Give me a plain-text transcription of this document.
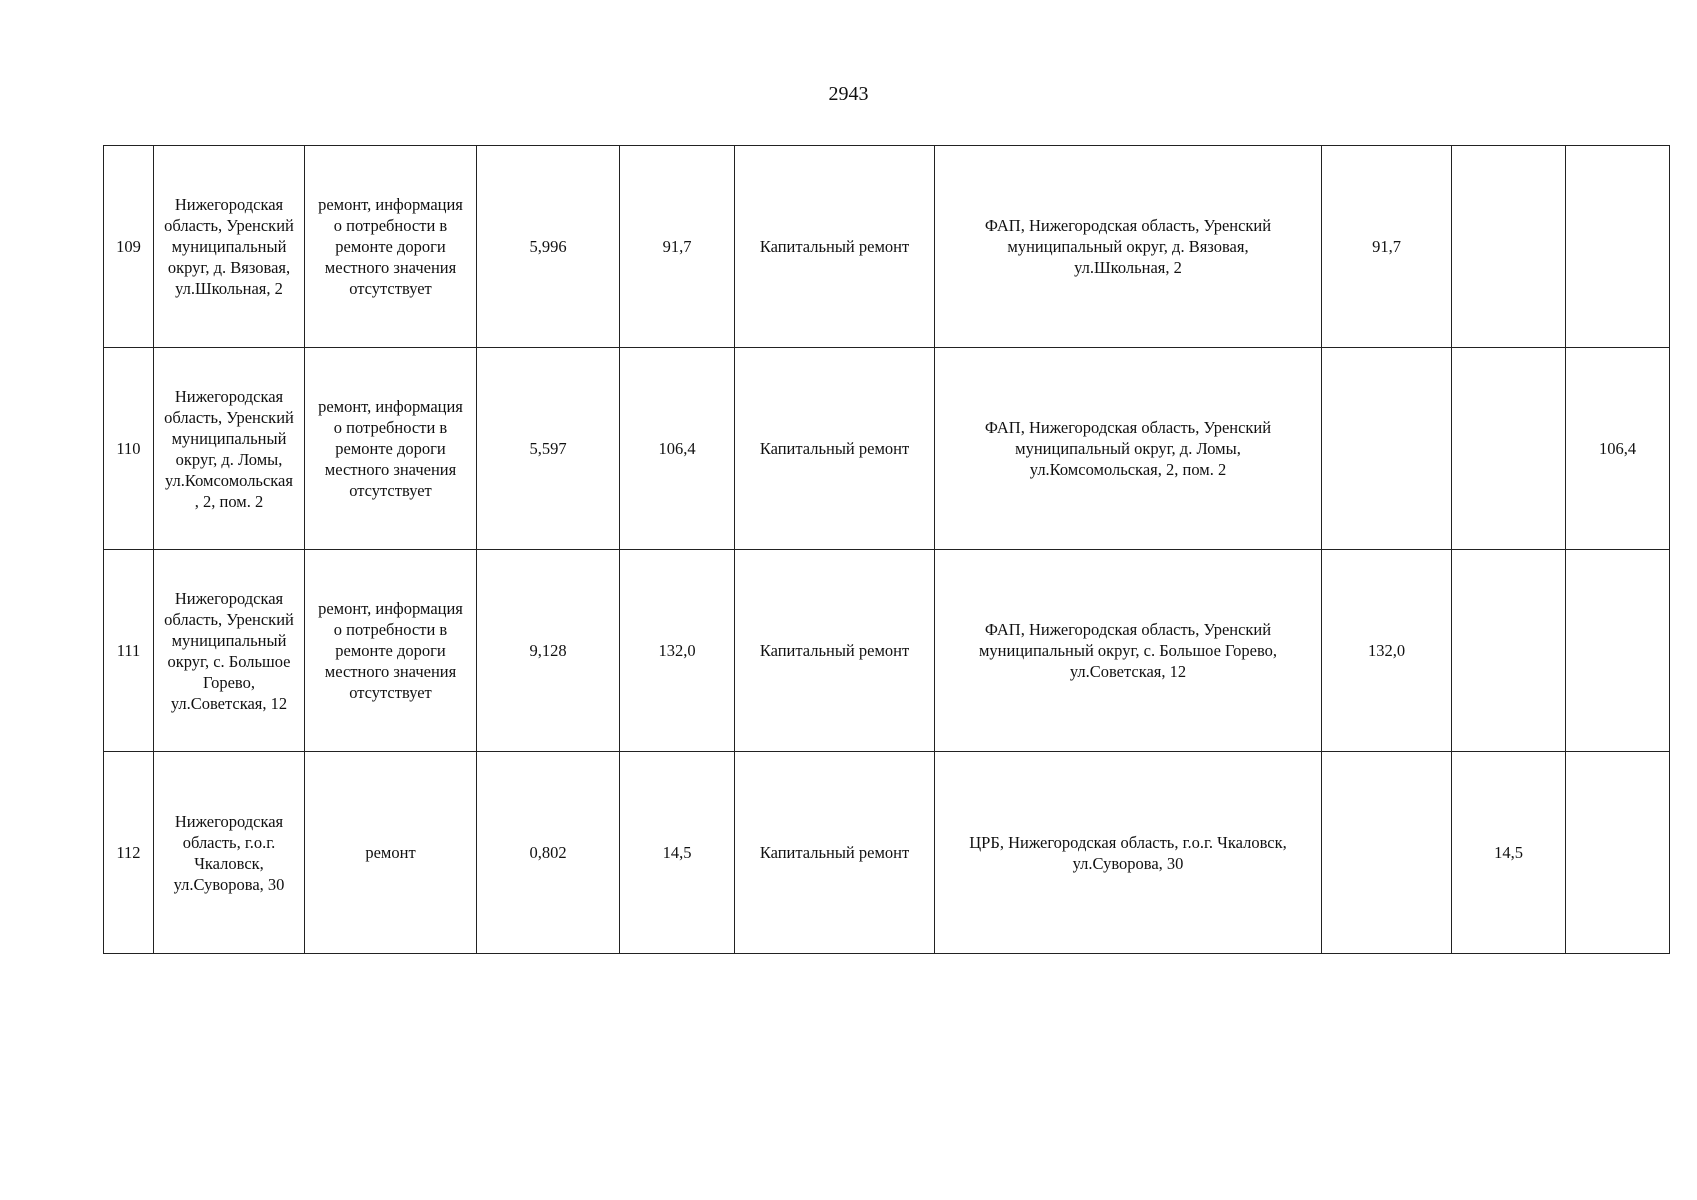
2943
109	Нижегородская область, Уренский муниципальный округ, д. Вязовая, ул.Школьная, 2	ремонт, информация о потребности в ремонте дороги местного значения отсутствует	5,996	91,7	Капитальный ремонт	ФАП, Нижегородская область, Уренский муниципальный округ, д. Вязовая, ул.Школьная, 2	91,7		
110	Нижегородская область, Уренский муниципальный округ, д. Ломы, ул.Комсомольская, 2, пом. 2	ремонт, информация о потребности в ремонте дороги местного значения отсутствует	5,597	106,4	Капитальный ремонт	ФАП, Нижегородская область, Уренский муниципальный округ, д. Ломы, ул.Комсомольская, 2, пом. 2			106,4
111	Нижегородская область, Уренский муниципальный округ, с. Большое Горево, ул.Советская, 12	ремонт, информация о потребности в ремонте дороги местного значения отсутствует	9,128	132,0	Капитальный ремонт	ФАП, Нижегородская область, Уренский муниципальный округ, с. Большое Горево, ул.Советская, 12	132,0		
112	Нижегородская область, г.о.г. Чкаловск, ул.Суворова, 30	ремонт	0,802	14,5	Капитальный ремонт	ЦРБ, Нижегородская область, г.о.г. Чкаловск, ул.Суворова, 30		14,5	
